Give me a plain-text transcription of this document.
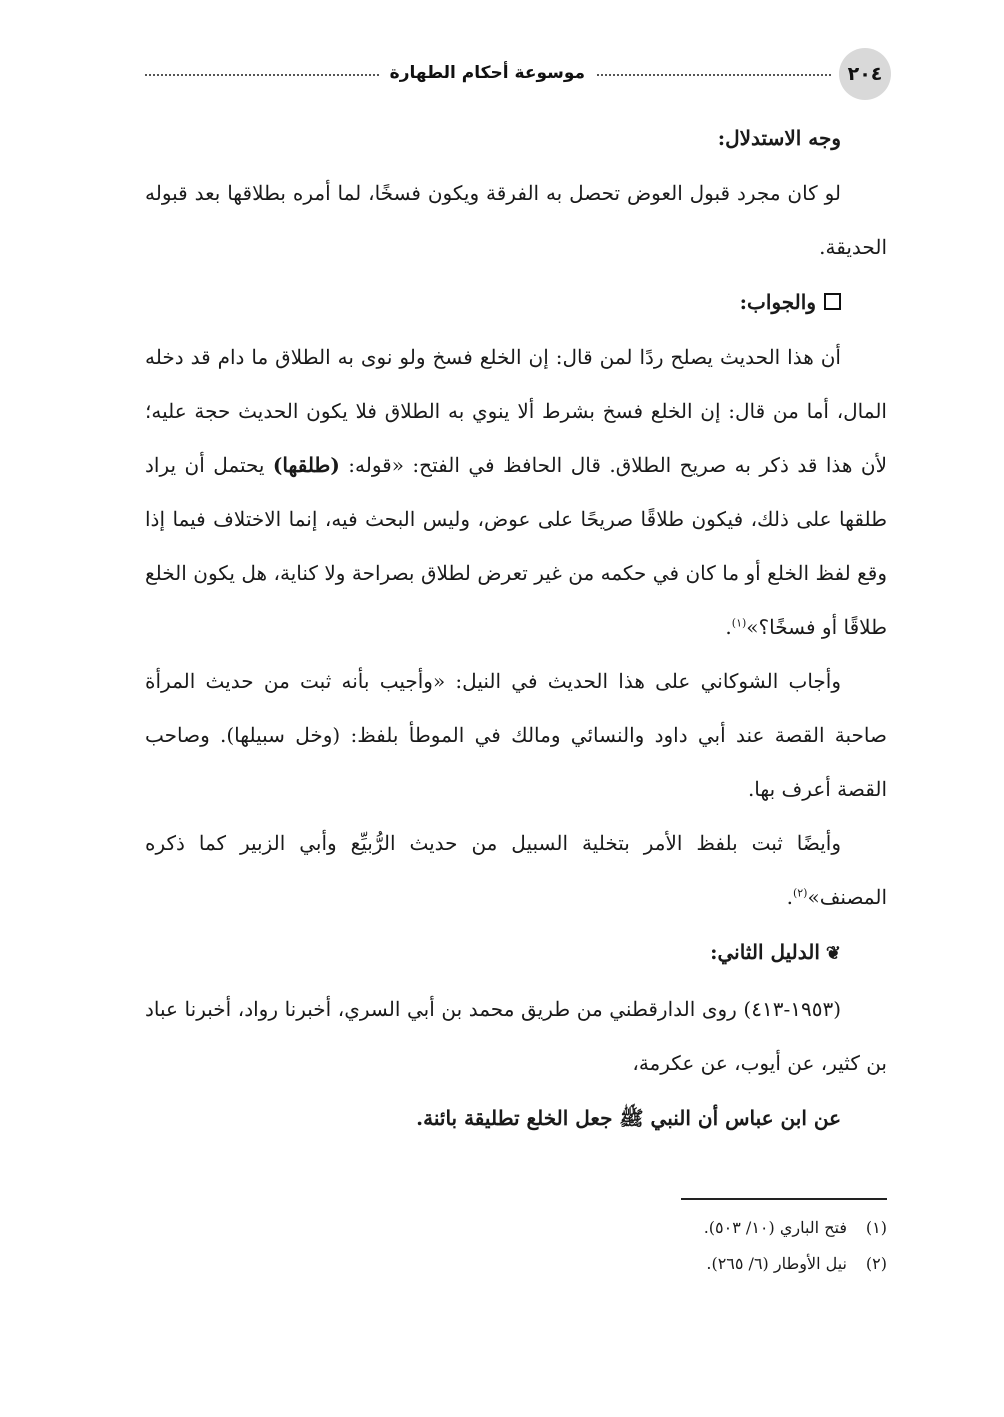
٢٠٤
موسوعة أحكام الطهارة

وجه الاستدلال:

لو كان مجرد قبول العوض تحصل به الفرقة ويكون فسخًا، لما أمره بطلاقها بعد قبوله الحديقة.

والجواب:

أن هذا الحديث يصلح ردًا لمن قال: إن الخلع فسخ ولو نوى به الطلاق ما دام قد دخله المال، أما من قال: إن الخلع فسخ بشرط ألا ينوي به الطلاق فلا يكون الحديث حجة عليه؛ لأن هذا قد ذكر به صريح الطلاق. قال الحافظ في الفتح: «قوله: (طلقها) يحتمل أن يراد طلقها على ذلك، فيكون طلاقًا صريحًا على عوض، وليس البحث فيه، إنما الاختلاف فيما إذا وقع لفظ الخلع أو ما كان في حكمه من غير تعرض لطلاق بصراحة ولا كناية، هل يكون الخلع طلاقًا أو فسخًا؟»$^{(١)}$.

وأجاب الشوكاني على هذا الحديث في النيل: «وأجيب بأنه ثبت من حديث المرأة صاحبة القصة عند أبي داود والنسائي ومالك في الموطأ بلفظ: (وخل سبيلها). وصاحب القصة أعرف بها.

وأيضًا ثبت بلفظ الأمر بتخلية السبيل من حديث الرُّبيِّع وأبي الزبير كما ذكره المصنف»$^{(٢)}$.

❦الدليل الثاني:

(١٩٥٣-٤١٣) روى الدارقطني من طريق محمد بن أبي السري، أخبرنا رواد، أخبرنا عباد بن كثير، عن أيوب، عن عكرمة،

عن ابن عباس أن النبي ﷺ جعل الخلع تطليقة بائنة.

(١)فتح الباري (١٠/ ٥٠٣).

(٢)نيل الأوطار (٦/ ٢٦٥).
